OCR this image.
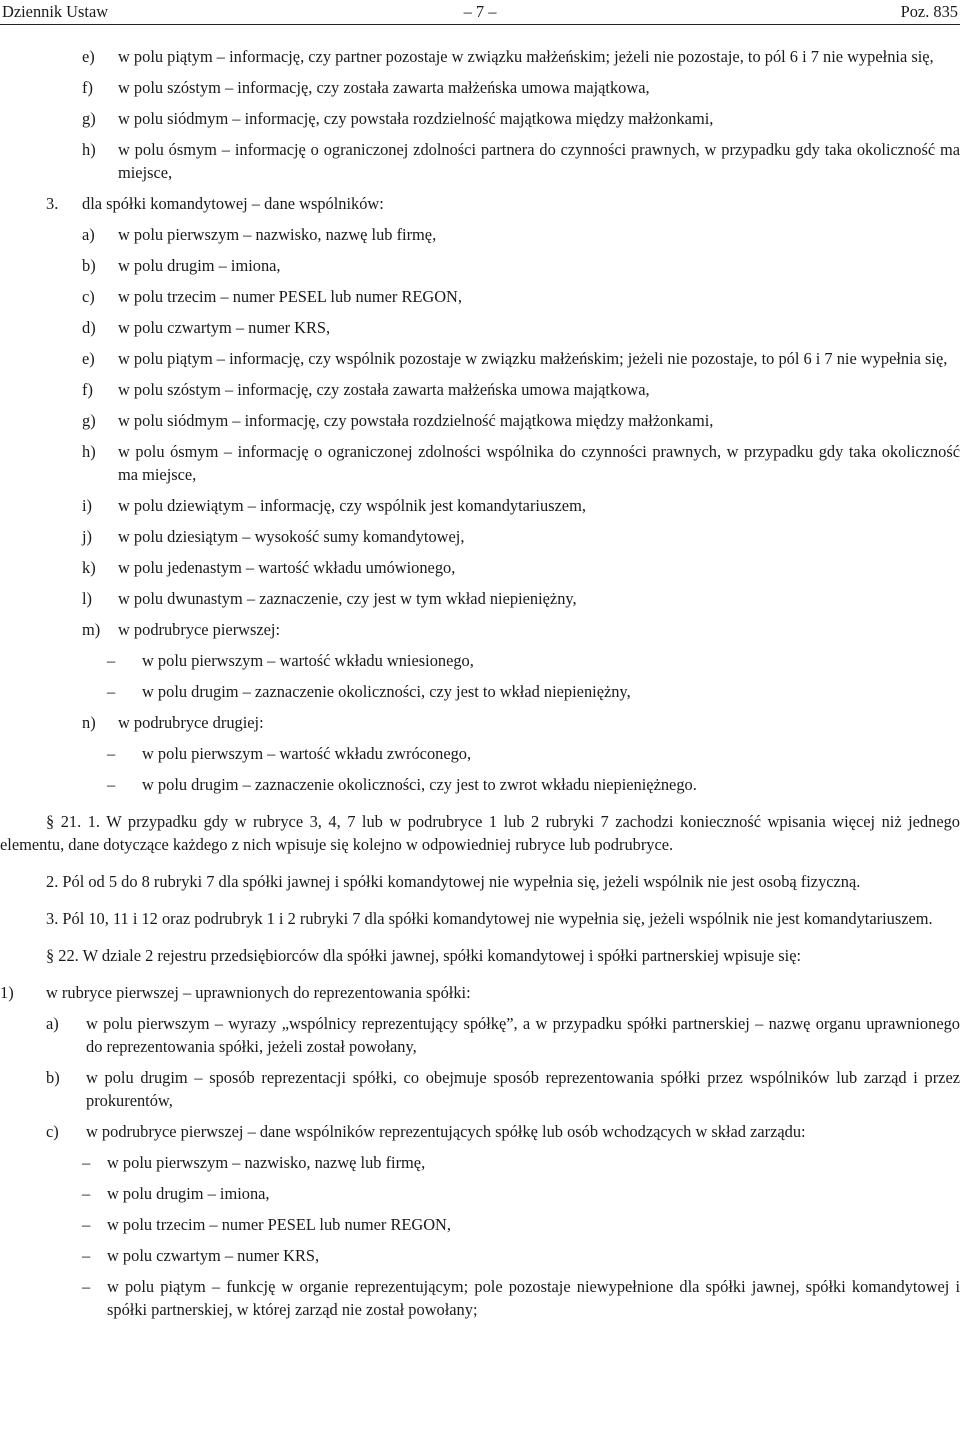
Dziennik Ustaw	– 7 –	Poz. 835
e) w polu piątym – informację, czy partner pozostaje w związku małżeńskim; jeżeli nie pozostaje, to pól 6 i 7 nie wypełnia się,
f) w polu szóstym – informację, czy została zawarta małżeńska umowa majątkowa,
g) w polu siódmym – informację, czy powstała rozdzielność majątkowa między małżonkami,
h) w polu ósmym – informację o ograniczonej zdolności partnera do czynności prawnych, w przypadku gdy taka okoliczność ma miejsce,
3. dla spółki komandytowej – dane wspólników:
a) w polu pierwszym – nazwisko, nazwę lub firmę,
b) w polu drugim – imiona,
c) w polu trzecim – numer PESEL lub numer REGON,
d) w polu czwartym – numer KRS,
e) w polu piątym – informację, czy wspólnik pozostaje w związku małżeńskim; jeżeli nie pozostaje, to pól 6 i 7 nie wypełnia się,
f) w polu szóstym – informację, czy została zawarta małżeńska umowa majątkowa,
g) w polu siódmym – informację, czy powstała rozdzielność majątkowa między małżonkami,
h) w polu ósmym – informację o ograniczonej zdolności wspólnika do czynności prawnych, w przypadku gdy taka okoliczność ma miejsce,
i) w polu dziewiątym – informację, czy wspólnik jest komandytariuszem,
j) w polu dziesiątym – wysokość sumy komandytowej,
k) w polu jedenastym – wartość wkładu umówionego,
l) w polu dwunastym – zaznaczenie, czy jest w tym wkład niepieniężny,
m) w podrubryce pierwszej:
– w polu pierwszym – wartość wkładu wniesionego,
– w polu drugim – zaznaczenie okoliczności, czy jest to wkład niepieniężny,
n) w podrubryce drugiej:
– w polu pierwszym – wartość wkładu zwróconego,
– w polu drugim – zaznaczenie okoliczności, czy jest to zwrot wkładu niepieniężnego.
§ 21. 1. W przypadku gdy w rubryce 3, 4, 7 lub w podrubryce 1 lub 2 rubryki 7 zachodzi konieczność wpisania więcej niż jednego elementu, dane dotyczące każdego z nich wpisuje się kolejno w odpowiedniej rubryce lub podrubryce.
2. Pól od 5 do 8 rubryki 7 dla spółki jawnej i spółki komandytowej nie wypełnia się, jeżeli wspólnik nie jest osobą fizyczną.
3. Pól 10, 11 i 12 oraz podrubryk 1 i 2 rubryki 7 dla spółki komandytowej nie wypełnia się, jeżeli wspólnik nie jest komandytariuszem.
§ 22. W dziale 2 rejestru przedsiębiorców dla spółki jawnej, spółki komandytowej i spółki partnerskiej wpisuje się:
1) w rubryce pierwszej – uprawnionych do reprezentowania spółki:
a) w polu pierwszym – wyrazy „wspólnicy reprezentujący spółkę”, a w przypadku spółki partnerskiej – nazwę organu uprawnionego do reprezentowania spółki, jeżeli został powołany,
b) w polu drugim – sposób reprezentacji spółki, co obejmuje sposób reprezentowania spółki przez wspólników lub zarząd i przez prokurentów,
c) w podrubryce pierwszej – dane wspólników reprezentujących spółkę lub osób wchodzących w skład zarządu:
– w polu pierwszym – nazwisko, nazwę lub firmę,
– w polu drugim – imiona,
– w polu trzecim – numer PESEL lub numer REGON,
– w polu czwartym – numer KRS,
– w polu piątym – funkcję w organie reprezentującym; pole pozostaje niewypełnione dla spółki jawnej, spółki komandytowej i spółki partnerskiej, w której zarząd nie został powołany;
